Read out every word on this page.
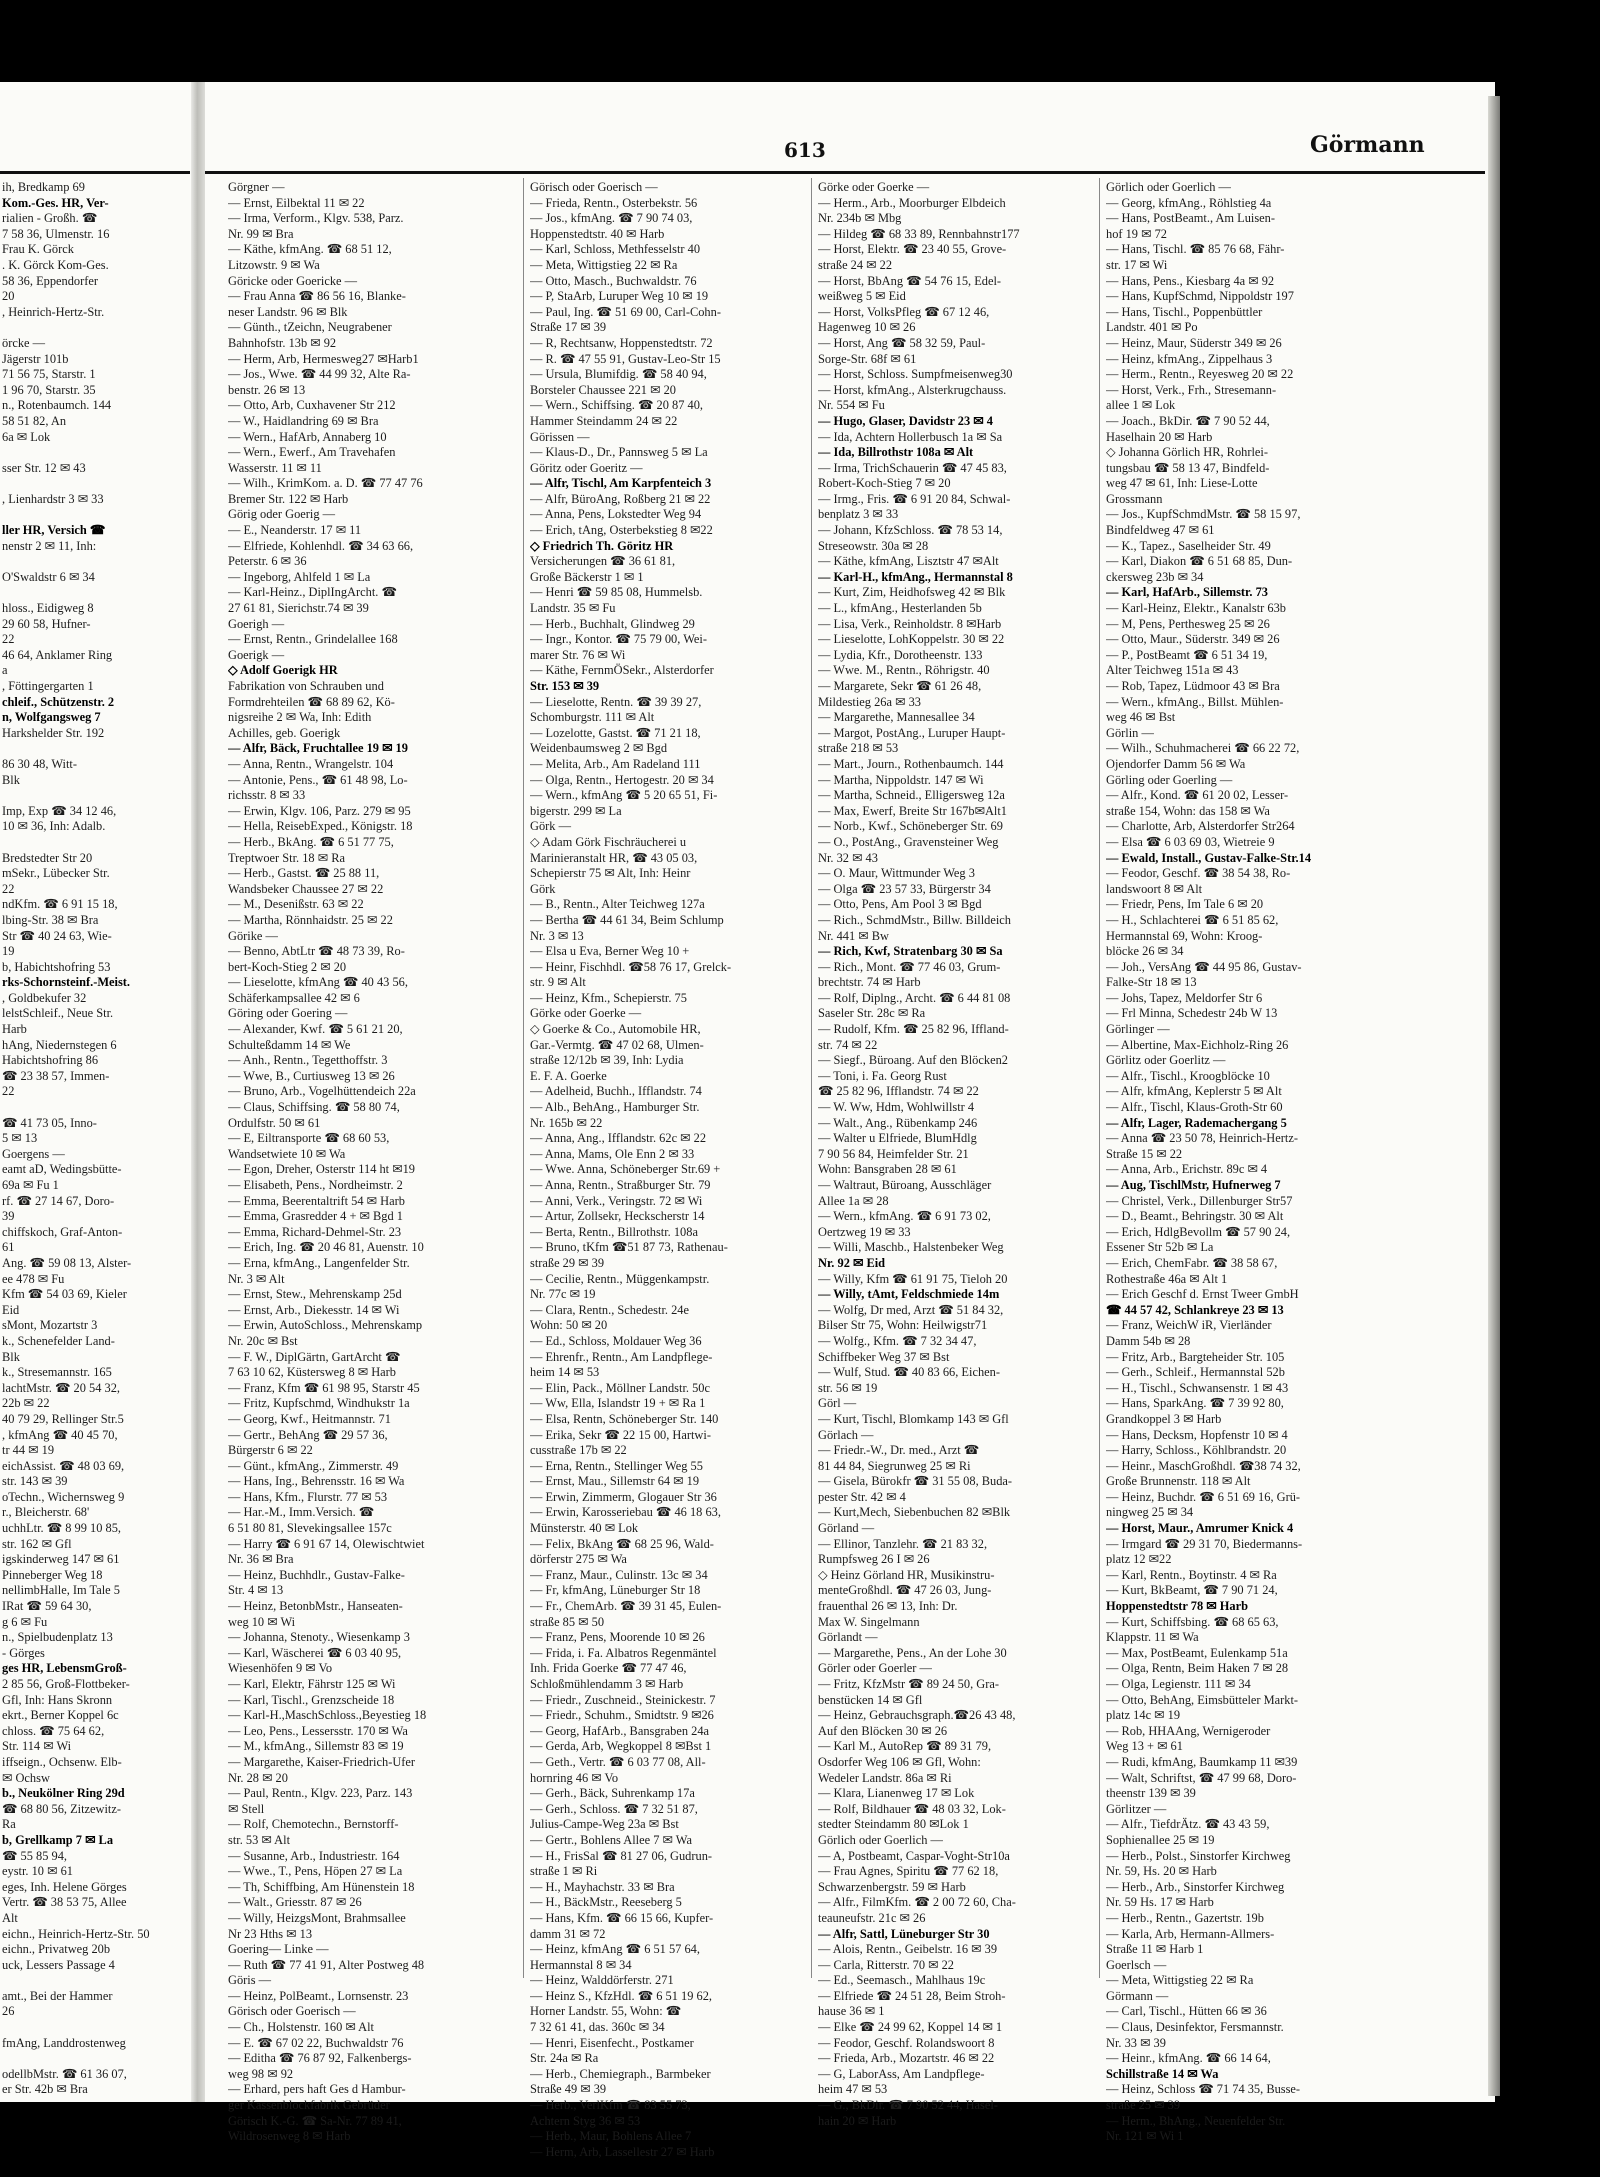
613	Görmann
ih, Bredkamp 69
Kom.-Ges. HR, Ver-
rialien - Großh. ☎
7 58 36, Ulmenstr. 16
Frau K. Görck
. K. Görck Kom-Ges.
58 36, Eppendorfer
20
, Heinrich-Hertz-Str.

örcke —
Jägerstr 101b
71 56 75, Starstr. 1
1 96 70, Starstr. 35
n., Rotenbaumch. 144
58 51 82, An
6a ✉ Lok

sser Str. 12 ✉ 43

, Lienhardstr 3 ✉ 33

ller HR, Versich ☎
nenstr 2 ✉ 11, Inh:

O'Swaldstr 6 ✉ 34

hloss., Eidigweg 8
29 60 58, Hufner-
22
46 64, Anklamer Ring
a
, Föttingergarten 1
chleif., Schützenstr. 2
n, Wolfgangsweg 7
Harkshelder Str. 192

86 30 48, Witt-
Blk

Imp, Exp ☎ 34 12 46,
10 ✉ 36, Inh: Adalb.

Bredstedter Str 20
mSekr., Lübecker Str.
22
ndKfm. ☎ 6 91 15 18,
lbing-Str. 38 ✉ Bra
Str ☎ 40 24 63, Wie-
19
b, Habichtshofring 53
rks-Schornsteinf.-Meist.
, Goldbekufer 32
lelstSchleif., Neue Str.
Harb
hAng, Niedernstegen 6
Habichtshofring 86
☎ 23 38 57, Immen-
22

☎ 41 73 05, Inno-
5 ✉ 13
Goergens —
eamt aD, Wedingsbütte-
69a ✉ Fu 1
rf. ☎ 27 14 67, Doro-
39
chiffskoch, Graf-Anton-
61
Ang. ☎ 59 08 13, Alster-
ee 478 ✉ Fu
Kfm ☎ 54 03 69, Kieler
Eid
sMont, Mozartstr 3
k., Schenefelder Land-
Blk
k., Stresemannstr. 165
lachtMstr. ☎ 20 54 32,
22b ✉ 22
40 79 29, Rellinger Str.5
, kfmAng ☎ 40 45 70,
tr 44 ✉ 19
eichAssist. ☎ 48 03 69,
str. 143 ✉ 39
oTechn., Wichernsweg 9
r., Bleicherstr. 68'
uchhLtr. ☎ 8 99 10 85,
str. 162 ✉ Gfl
igskinderweg 147 ✉ 61
Pinneberger Weg 18
nellimbHalle, Im Tale 5
IRat ☎ 59 64 30,
g 6 ✉ Fu
n., Spielbudenplatz 13
- Görges
ges HR, LebensmGroß-
2 85 56, Groß-Flottbeker-
Gfl, Inh: Hans Skronn
ekrt., Berner Koppel 6c
chloss. ☎ 75 64 62,
Str. 114 ✉ Wi
iffseign., Ochsenw. Elb-
✉ Ochsw
b., Neukölner Ring 29d
☎ 68 80 56, Zitzewitz-
Ra
b, Grellkamp 7 ✉ La
☎ 55 85 94,
eystr. 10 ✉ 61
eges, Inh. Helene Görges
Vertr. ☎ 38 53 75, Allee
Alt
eichn., Heinrich-Hertz-Str. 50
eichn., Privatweg 20b
uck, Lessers Passage 4

amt., Bei der Hammer
26

fmAng, Landdrostenweg

odellbMstr. ☎ 61 36 07,
er Str. 42b ✉ Bra
Görgner —
— Ernst, Eilbektal 11 ✉ 22
— Irma, Verform., Klgv. 538, Parz.
Nr. 99 ✉ Bra
— Käthe, kfmAng. ☎ 68 51 12,
Litzowstr. 9 ✉ Wa
Göricke oder Goericke —
— Frau Anna ☎ 86 56 16, Blanke-
neser Landstr. 96 ✉ Blk
— Günth., tZeichn, Neugrabener
Bahnhofstr. 13b ✉ 92
— Herm, Arb, Hermesweg27 ✉Harb1
— Jos., Wwe. ☎ 44 99 32, Alte Ra-
benstr. 26 ✉ 13
— Otto, Arb, Cuxhavener Str 212
— W., Haidlandring 69 ✉ Bra
— Wern., HafArb, Annaberg 10
— Wern., Ewerf., Am Travehafen
Wasserstr. 11 ✉ 11
— Wilh., KrimKom. a. D. ☎ 77 47 76
Bremer Str. 122 ✉ Harb
Görig oder Goerig —
— E., Neanderstr. 17 ✉ 11
— Elfriede, Kohlenhdl. ☎ 34 63 66,
Peterstr. 6 ✉ 36
— Ingeborg, Ahlfeld 1 ✉ La
— Karl-Heinz., DiplIngArcht. ☎
27 61 81, Sierichstr.74 ✉ 39
Goerigh —
— Ernst, Rentn., Grindelallee 168
Goerigk —
◇ Adolf Goerigk HR
Fabrikation von Schrauben und
Formdrehteilen ☎ 68 89 62, Kö-
nigsreihe 2 ✉ Wa, Inh: Edith
Achilles, geb. Goerigk
— Alfr, Bäck, Fruchtallee 19 ✉ 19
— Anna, Rentn., Wrangelstr. 104
— Antonie, Pens., ☎ 61 48 98, Lo-
richsstr. 8 ✉ 33
— Erwin, Klgv. 106, Parz. 279 ✉ 95
— Hella, ReisebExped., Königstr. 18
— Herb., BkAng. ☎ 6 51 77 75,
Treptwoer Str. 18 ✉ Ra
— Herb., Gastst. ☎ 25 88 11,
Wandsbeker Chaussee 27 ✉ 22
— M., Desenißstr. 63 ✉ 22
— Martha, Rönnhaidstr. 25 ✉ 22
Görike —
— Benno, AbtLtr ☎ 48 73 39, Ro-
bert-Koch-Stieg 2 ✉ 20
— Lieselotte, kfmAng ☎ 40 43 56,
Schäferkampsallee 42 ✉ 6
Göring oder Goering —
— Alexander, Kwf. ☎ 5 61 21 20,
Schulteßdamm 14 ✉ We
— Anh., Rentn., Tegetthoffstr. 3
— Wwe, B., Curtiusweg 13 ✉ 26
— Bruno, Arb., Vogelhüttendeich 22a
— Claus, Schiffsing. ☎ 58 80 74,
Ordulfstr. 50 ✉ 61
— E, Eiltransporte ☎ 68 60 53,
Wandsetwiete 10 ✉ Wa
— Egon, Dreher, Osterstr 114 ht ✉19
— Elisabeth, Pens., Nordheimstr. 2
— Emma, Beerentaltrift 54 ✉ Harb
— Emma, Grasredder 4 + ✉ Bgd 1
— Emma, Richard-Dehmel-Str. 23
— Erich, Ing. ☎ 20 46 81, Auenstr. 10
— Erna, kfmAng., Langenfelder Str.
Nr. 3 ✉ Alt
— Ernst, Stew., Mehrenskamp 25d
— Ernst, Arb., Diekesstr. 14 ✉ Wi
— Erwin, AutoSchloss., Mehrenskamp
Nr. 20c ✉ Bst
— F. W., DiplGärtn, GartArcht ☎
7 63 10 62, Küstersweg 8 ✉ Harb
— Franz, Kfm ☎ 61 98 95, Starstr 45
— Fritz, Kupfschmd, Windhukstr 1a
— Georg, Kwf., Heitmannstr. 71
— Gertr., BehAng ☎ 29 57 36,
Bürgerstr 6 ✉ 22
— Günt., kfmAng., Zimmerstr. 49
— Hans, Ing., Behrensstr. 16 ✉ Wa
— Hans, Kfm., Flurstr. 77 ✉ 53
— Har.-M., Imm.Versich. ☎
6 51 80 81, Slevekingsallee 157c
— Harry ☎ 6 91 67 14, Olewischtwiet
Nr. 36 ✉ Bra
— Heinz, Buchhdlr., Gustav-Falke-
Str. 4 ✉ 13
— Heinz, BetonbMstr., Hanseaten-
weg 10 ✉ Wi
— Johanna, Stenoty., Wiesenkamp 3
— Karl, Wäscherei ☎ 6 03 40 95,
Wiesenhöfen 9 ✉ Vo
— Karl, Elektr, Fährstr 125 ✉ Wi
— Karl, Tischl., Grenzscheide 18
— Karl-H.,MaschSchloss.,Beyestieg 18
— Leo, Pens., Lessersstr. 170 ✉ Wa
— M., kfmAng., Sillemstr 83 ✉ 19
— Margarethe, Kaiser-Friedrich-Ufer
Nr. 28 ✉ 20
— Paul, Rentn., Klgv. 223, Parz. 143
✉ Stell
— Rolf, Chemotechn., Bernstorff-
str. 53 ✉ Alt
— Susanne, Arb., Industriestr. 164
— Wwe., T., Pens, Höpen 27 ✉ La
— Th, Schiffbing, Am Hünenstein 18
— Walt., Griesstr. 87 ✉ 26
— Willy, HeizgsMont, Brahmsallee
Nr 23 Hths ✉ 13
Goering— Linke —
— Ruth ☎ 77 41 91, Alter Postweg 48
Göris —
— Heinz, PolBeamt., Lornsenstr. 23
Görisch oder Goerisch —
— Ch., Holstenstr. 160 ✉ Alt
— E. ☎ 67 02 22, Buchwaldstr 76
— Editha ☎ 76 87 92, Falkenbergs-
weg 98 ✉ 92
— Erhard, pers haft Ges d Hambur-
ger Kassenblockfabrik Gebrüder
Görisch K.-G. ☎ Sa-Nr. 77 89 41,
Wildrosenweg 8 ✉ Harb
Görisch oder Goerisch —
— Frieda, Rentn., Osterbekstr. 56
— Jos., kfmAng. ☎ 7 90 74 03,
Hoppenstedtstr. 40 ✉ Harb
— Karl, Schloss, Methfesselstr 40
— Meta, Wittigstieg 22 ✉ Ra
— Otto, Masch., Buchwaldstr. 76
— P, StaArb, Luruper Weg 10 ✉ 19
— Paul, Ing. ☎ 51 69 00, Carl-Cohn-
Straße 17 ✉ 39
— R, Rechtsanw, Hoppenstedtstr. 72
— R. ☎ 47 55 91, Gustav-Leo-Str 15
— Ursula, Blumifdig. ☎ 58 40 94,
Borsteler Chaussee 221 ✉ 20
— Wern., Schiffsing. ☎ 20 87 40,
Hammer Steindamm 24 ✉ 22
Görissen —
— Klaus-D., Dr., Pannsweg 5 ✉ La
Göritz oder Goeritz —
— Alfr, Tischl, Am Karpfenteich 3
— Alfr, BüroAng, Roßberg 21 ✉ 22
— Anna, Pens, Lokstedter Weg 94
— Erich, tAng, Osterbekstieg 8 ✉22
◇ Friedrich Th. Göritz HR
Versicherungen ☎ 36 61 81,
Große Bäckerstr 1 ✉ 1
— Henri ☎ 59 85 08, Hummelsb.
Landstr. 35 ✉ Fu
— Herb., Buchhalt, Glindweg 29
— Ingr., Kontor. ☎ 75 79 00, Wei-
marer Str. 76 ✉ Wi
— Käthe, FernmÖSekr., Alsterdorfer
Str. 153 ✉ 39
— Lieselotte, Rentn. ☎ 39 39 27,
Schomburgstr. 111 ✉ Alt
— Lozelotte, Gastst. ☎ 71 21 18,
Weidenbaumsweg 2 ✉ Bgd
— Melita, Arb., Am Radeland 111
— Olga, Rentn., Hertogestr. 20 ✉ 34
— Wern., kfmAng ☎ 5 20 65 51, Fi-
bigerstr. 299 ✉ La
Görk —
◇ Adam Görk Fischräucherei u
Marinieranstalt HR, ☎ 43 05 03,
Schepierstr 75 ✉ Alt, Inh: Heinr
Görk
— B., Rentn., Alter Teichweg 127a
— Bertha ☎ 44 61 34, Beim Schlump
Nr. 3 ✉ 13
— Elsa u Eva, Berner Weg 10 +
— Heinr, Fischhdl. ☎58 76 17, Grelck-
str. 9 ✉ Alt
— Heinz, Kfm., Schepierstr. 75
Görke oder Goerke —
◇ Goerke & Co., Automobile HR,
Gar.-Vermtg. ☎ 47 02 68, Ulmen-
straße 12/12b ✉ 39, Inh: Lydia
E. F. A. Goerke
— Adelheid, Buchh., Ifflandstr. 74
— Alb., BehAng., Hamburger Str.
Nr. 165b ✉ 22
— Anna, Ang., Ifflandstr. 62c ✉ 22
— Anna, Mams, Ole Enn 2 ✉ 33
— Wwe. Anna, Schöneberger Str.69 +
— Anna, Rentn., Straßburger Str. 79
— Anni, Verk., Veringstr. 72 ✉ Wi
— Artur, Zollsekr, Heckscherstr 14
— Berta, Rentn., Billrothstr. 108a
— Bruno, tKfm ☎51 87 73, Rathenau-
straße 29 ✉ 39
— Cecilie, Rentn., Müggenkampstr.
Nr. 77c ✉ 19
— Clara, Rentn., Schedestr. 24e
Wohn: 50 ✉ 20
— Ed., Schloss, Moldauer Weg 36
— Ehrenfr., Rentn., Am Landpflege-
heim 14 ✉ 53
— Elin, Pack., Möllner Landstr. 50c
— Ww, Ella, Islandstr 19 + ✉ Ra 1
— Elsa, Rentn, Schöneberger Str. 140
— Erika, Sekr ☎ 22 15 00, Hartwi-
cusstraße 17b ✉ 22
— Erna, Rentn., Stellinger Weg 55
— Ernst, Mau., Sillemstr 64 ✉ 19
— Erwin, Zimmerm, Glogauer Str 36
— Erwin, Karosseriebau ☎ 46 18 63,
Münsterstr. 40 ✉ Lok
— Felix, BkAng ☎ 68 25 96, Wald-
dörferstr 275 ✉ Wa
— Franz, Maur., Culinstr. 13c ✉ 34
— Fr, kfmAng, Lüneburger Str 18
— Fr., ChemArb. ☎ 39 31 45, Eulen-
straße 85 ✉ 50
— Franz, Pens, Moorende 10 ✉ 26
— Frida, i. Fa. Albatros Regenmäntel
Inh. Frida Goerke ☎ 77 47 46,
Schloßmühlendamm 3 ✉ Harb
— Friedr., Zuschneid., Steinickestr. 7
— Friedr., Schuhm., Smidtstr. 9 ✉26
— Georg, HafArb., Bansgraben 24a
— Gerda, Arb, Wegkoppel 8 ✉Bst 1
— Geth., Vertr. ☎ 6 03 77 08, All-
hornring 46 ✉ Vo
— Gerh., Bäck, Suhrenkamp 17a
— Gerh., Schloss. ☎ 7 32 51 87,
Julius-Campe-Weg 23a ✉ Bst
— Gertr., Bohlens Allee 7 ✉ Wa
— H., FrisSal ☎ 81 27 06, Gudrun-
straße 1 ✉ Ri
— H., Mayhachstr. 33 ✉ Bra
— H., BäckMstr., Reeseberg 5
— Hans, Kfm. ☎ 66 15 66, Kupfer-
damm 31 ✉ 72
— Heinz, kfmAng ☎ 6 51 57 64,
Hermannstal 8 ✉ 34
— Heinz, Walddörferstr. 271
— Heinz S., KfzHdl. ☎ 6 51 19 62,
Horner Landstr. 55, Wohn: ☎
7 32 61 41, das. 360c ✉ 34
— Henri, Eisenfecht., Postkamer
Str. 24a ✉ Ra
— Herb., Chemiegraph., Barmbeker
Straße 49 ✉ 39
— Herb., VerlKfm ☎ 83 55 73,
Achtern Styg 36 ✉ 53
— Herb., Maur, Bohlens Allee 7
— Herm, Arb, Lassellestr 27 ✉ Harb
Görke oder Goerke —
— Herm., Arb., Moorburger Elbdeich
Nr. 234b ✉ Mbg
— Hildeg ☎ 68 33 89, Rennbahnstr177
— Horst, Elektr. ☎ 23 40 55, Grove-
straße 24 ✉ 22
— Horst, BbAng ☎ 54 76 15, Edel-
weißweg 5 ✉ Eid
— Horst, VolksPfleg ☎ 67 12 46,
Hagenweg 10 ✉ 26
— Horst, Ang ☎ 58 32 59, Paul-
Sorge-Str. 68f ✉ 61
— Horst, Schloss. Sumpfmeisenweg30
— Horst, kfmAng., Alsterkrugchauss.
Nr. 554 ✉ Fu
— Hugo, Glaser, Davidstr 23 ✉ 4
— Ida, Achtern Hollerbusch 1a ✉ Sa
— Ida, Billrothstr 108a ✉ Alt
— Irma, TrichSchauerin ☎ 47 45 83,
Robert-Koch-Stieg 7 ✉ 20
— Irmg., Fris. ☎ 6 91 20 84, Schwal-
benplatz 3 ✉ 33
— Johann, KfzSchloss. ☎ 78 53 14,
Streseowstr. 30a ✉ 28
— Käthe, kfmAng, Lisztstr 47 ✉Alt
— Karl-H., kfmAng., Hermannstal 8
— Kurt, Zim, Heidhofsweg 42 ✉ Blk
— L., kfmAng., Hesterlanden 5b
— Lisa, Verk., Reinholdstr. 8 ✉Harb
— Lieselotte, LohKoppelstr. 30 ✉ 22
— Lydia, Kfr., Dorotheenstr. 133
— Wwe. M., Rentn., Röhrigstr. 40
— Margarete, Sekr ☎ 61 26 48,
Mildestieg 26a ✉ 33
— Margarethe, Mannesallee 34
— Margot, PostAng., Luruper Haupt-
straße 218 ✉ 53
— Mart., Journ., Rothenbaumch. 144
— Martha, Nippoldstr. 147 ✉ Wi
— Martha, Schneid., Elligersweg 12a
— Max, Ewerf, Breite Str 167b✉Alt1
— Norb., Kwf., Schöneberger Str. 69
— O., PostAng., Gravensteiner Weg
Nr. 32 ✉ 43
— O. Maur, Wittmunder Weg 3
— Olga ☎ 23 57 33, Bürgerstr 34
— Otto, Pens, Am Pool 3 ✉ Bgd
— Rich., SchmdMstr., Billw. Billdeich
Nr. 441 ✉ Bw
— Rich, Kwf, Stratenbarg 30 ✉ Sa
— Rich., Mont. ☎ 77 46 03, Grum-
brechtstr. 74 ✉ Harb
— Rolf, Diplng., Archt. ☎ 6 44 81 08
Saseler Str. 28c ✉ Ra
— Rudolf, Kfm. ☎ 25 82 96, Iffland-
str. 74 ✉ 22
— Siegf., Büroang. Auf den Blöcken2
— Toni, i. Fa. Georg Rust
☎ 25 82 96, Ifflandstr. 74 ✉ 22
— W. Ww, Hdm, Wohlwillstr 4
— Walt., Ang., Rübenkamp 246
— Walter u Elfriede, BlumHdlg
7 90 56 84, Heimfelder Str. 21
Wohn: Bansgraben 28 ✉ 61
— Waltraut, Büroang, Ausschläger
Allee 1a ✉ 28
— Wern., kfmAng. ☎ 6 91 73 02,
Oertzweg 19 ✉ 33
— Willi, Maschb., Halstenbeker Weg
Nr. 92 ✉ Eid
— Willy, Kfm ☎ 61 91 75, Tieloh 20
— Willy, tAmt, Feldschmiede 14m
— Wolfg, Dr med, Arzt ☎ 51 84 32,
Bilser Str 75, Wohn: Heilwigstr71
— Wolfg., Kfm. ☎ 7 32 34 47,
Schiffbeker Weg 37 ✉ Bst
— Wulf, Stud. ☎ 40 83 66, Eichen-
str. 56 ✉ 19
Görl —
— Kurt, Tischl, Blomkamp 143 ✉ Gfl
Görlach —
— Friedr.-W., Dr. med., Arzt ☎
81 44 84, Siegrunweg 25 ✉ Ri
— Gisela, Bürokfr ☎ 31 55 08, Buda-
pester Str. 42 ✉ 4
— Kurt,Mech, Siebenbuchen 82 ✉Blk
Görland —
— Ellinor, Tanzlehr. ☎ 21 83 32,
Rumpfsweg 26 I ✉ 26
◇ Heinz Görland HR, Musikinstru-
menteGroßhdl. ☎ 47 26 03, Jung-
frauenthal 26 ✉ 13, Inh: Dr.
Max W. Singelmann
Görlandt —
— Margarethe, Pens., An der Lohe 30
Görler oder Goerler —
— Fritz, KfzMstr ☎ 89 24 50, Gra-
benstücken 14 ✉ Gfl
— Heinz, Gebrauchsgraph.☎26 43 48,
Auf den Blöcken 30 ✉ 26
— Karl M., AutoRep ☎ 89 31 79,
Osdorfer Weg 106 ✉ Gfl, Wohn:
Wedeler Landstr. 86a ✉ Ri
— Klara, Lianenweg 17 ✉ Lok
— Rolf, Bildhauer ☎ 48 03 32, Lok-
stedter Steindamm 80 ✉Lok 1
Görlich oder Goerlich —
— A, Postbeamt, Caspar-Voght-Str10a
— Frau Agnes, Spiritu ☎ 77 62 18,
Schwarzenbergstr. 59 ✉ Harb
— Alfr., FilmKfm. ☎ 2 00 72 60, Cha-
teauneufstr. 21c ✉ 26
— Alfr, Sattl, Lüneburger Str 30
— Alois, Rentn., Geibelstr. 16 ✉ 39
— Carla, Ritterstr. 70 ✉ 22
— Ed., Seemasch., Mahlhaus 19c
— Elfriede ☎ 24 51 28, Beim Stroh-
hause 36 ✉ 1
— Elke ☎ 24 99 62, Koppel 14 ✉ 1
— Feodor, Geschf. Rolandswoort 8
— Frieda, Arb., Mozartstr. 46 ✉ 22
— G, LaborAss, Am Landpflege-
heim 47 ✉ 53
— G., BkDir. ☎ 7 90 52 44, Hasel-
hain 20 ✉ Harb
Görlich oder Goerlich —
— Georg, kfmAng., Röhlstieg 4a
— Hans, PostBeamt., Am Luisen-
hof 19 ✉ 72
— Hans, Tischl. ☎ 85 76 68, Fähr-
str. 17 ✉ Wi
— Hans, Pens., Kiesbarg 4a ✉ 92
— Hans, KupfSchmd, Nippoldstr 197
— Hans, Tischl., Poppenbüttler
Landstr. 401 ✉ Po
— Heinz, Maur, Süderstr 349 ✉ 26
— Heinz, kfmAng., Zippelhaus 3
— Herm., Rentn., Reyesweg 20 ✉ 22
— Horst, Verk., Frh., Stresemann-
allee 1 ✉ Lok
— Joach., BkDir. ☎ 7 90 52 44,
Haselhain 20 ✉ Harb
◇ Johanna Görlich HR, Rohrlei-
tungsbau ☎ 58 13 47, Bindfeld-
weg 47 ✉ 61, Inh: Liese-Lotte
Grossmann
— Jos., KupfSchmdMstr. ☎ 58 15 97,
Bindfeldweg 47 ✉ 61
— K., Tapez., Saselheider Str. 49
— Karl, Diakon ☎ 6 51 68 85, Dun-
ckersweg 23b ✉ 34
— Karl, HafArb., Sillemstr. 73
— Karl-Heinz, Elektr., Kanalstr 63b
— M, Pens, Perthesweg 25 ✉ 26
— Otto, Maur., Süderstr. 349 ✉ 26
— P., PostBeamt ☎ 6 51 34 19,
Alter Teichweg 151a ✉ 43
— Rob, Tapez, Lüdmoor 43 ✉ Bra
— Wern., kfmAng., Billst. Mühlen-
weg 46 ✉ Bst
Görlin —
— Wilh., Schuhmacherei ☎ 66 22 72,
Ojendorfer Damm 56 ✉ Wa
Görling oder Goerling —
— Alfr., Kond. ☎ 61 20 02, Lesser-
straße 154, Wohn: das 158 ✉ Wa
— Charlotte, Arb, Alsterdorfer Str264
— Elsa ☎ 6 03 69 03, Wietreie 9
— Ewald, Install., Gustav-Falke-Str.14
— Feodor, Geschf. ☎ 38 54 38, Ro-
landswoort 8 ✉ Alt
— Friedr, Pens, Im Tale 6 ✉ 20
— H., Schlachterei ☎ 6 51 85 62,
Hermannstal 69, Wohn: Kroog-
blöcke 26 ✉ 34
— Joh., VersAng ☎ 44 95 86, Gustav-
Falke-Str 18 ✉ 13
— Johs, Tapez, Meldorfer Str 6
— Frl Minna, Schedestr 24b W 13
Görlinger —
— Albertine, Max-Eichholz-Ring 26
Görlitz oder Goerlitz —
— Alfr., Tischl., Kroogblöcke 10
— Alfr, kfmAng, Keplerstr 5 ✉ Alt
— Alfr., Tischl, Klaus-Groth-Str 60
— Alfr, Lager, Rademachergang 5
— Anna ☎ 23 50 78, Heinrich-Hertz-
Straße 15 ✉ 22
— Anna, Arb., Erichstr. 89c ✉ 4
— Aug, TischlMstr, Hufnerweg 7
— Christel, Verk., Dillenburger Str57
— D., Beamt., Behringstr. 30 ✉ Alt
— Erich, HdlgBevollm ☎ 57 90 24,
Essener Str 52b ✉ La
— Erich, ChemFabr. ☎ 38 58 67,
Rothestraße 46a ✉ Alt 1
— Erich Geschf d. Ernst Tweer GmbH
☎ 44 57 42, Schlankreye 23 ✉ 13
— Franz, WeichW iR, Vierländer
Damm 54b ✉ 28
— Fritz, Arb., Bargteheider Str. 105
— Gerh., Schleif., Hermannstal 52b
— H., Tischl., Schwansenstr. 1 ✉ 43
— Hans, SparkAng. ☎ 7 39 92 80,
Grandkoppel 3 ✉ Harb
— Hans, Decksm, Hopfenstr 10 ✉ 4
— Harry, Schloss., Köhlbrandstr. 20
— Heinr., MaschGroßhdl. ☎38 74 32,
Große Brunnenstr. 118 ✉ Alt
— Heinz, Buchdr. ☎ 6 51 69 16, Grü-
ningweg 25 ✉ 34
— Horst, Maur., Amrumer Knick 4
— Irmgard ☎ 29 31 70, Biedermanns-
platz 12 ✉22
— Karl, Rentn., Boytinstr. 4 ✉ Ra
— Kurt, BkBeamt, ☎ 7 90 71 24,
Hoppenstedtstr 78 ✉ Harb
— Kurt, Schiffsbing. ☎ 68 65 63,
Klappstr. 11 ✉ Wa
— Max, PostBeamt, Eulenkamp 51a
— Olga, Rentn, Beim Haken 7 ✉ 28
— Olga, Legienstr. 111 ✉ 34
— Otto, BehAng, Eimsbütteler Markt-
platz 14c ✉ 19
— Rob, HHAAng, Wernigeroder
Weg 13 + ✉ 61
— Rudi, kfmAng, Baumkamp 11 ✉39
— Walt, Schriftst, ☎ 47 99 68, Doro-
theenstr 139 ✉ 39
Görlitzer —
— Alfr., TiefdrÄtz. ☎ 43 43 59,
Sophienallee 25 ✉ 19
— Herb., Polst., Sinstorfer Kirchweg
Nr. 59, Hs. 20 ✉ Harb
— Herb., Arb., Sinstorfer Kirchweg
Nr. 59 Hs. 17 ✉ Harb
— Herb., Rentn., Gazertstr. 19b
— Karla, Arb, Hermann-Allmers-
Straße 11 ✉ Harb 1
Goerlsch —
— Meta, Wittigstieg 22 ✉ Ra
Görmann —
— Carl, Tischl., Hütten 66 ✉ 36
— Claus, Desinfektor, Fersmannstr.
Nr. 33 ✉ 39
— Heinr., kfmAng. ☎ 66 14 64,
Schillstraße 14 ✉ Wa
— Heinz, Schloss ☎ 71 74 35, Busse-
straße 25 ✉ 39
— Herm., BhAng., Neuenfelder Str.
Nr. 121 ✉ Wi 1
